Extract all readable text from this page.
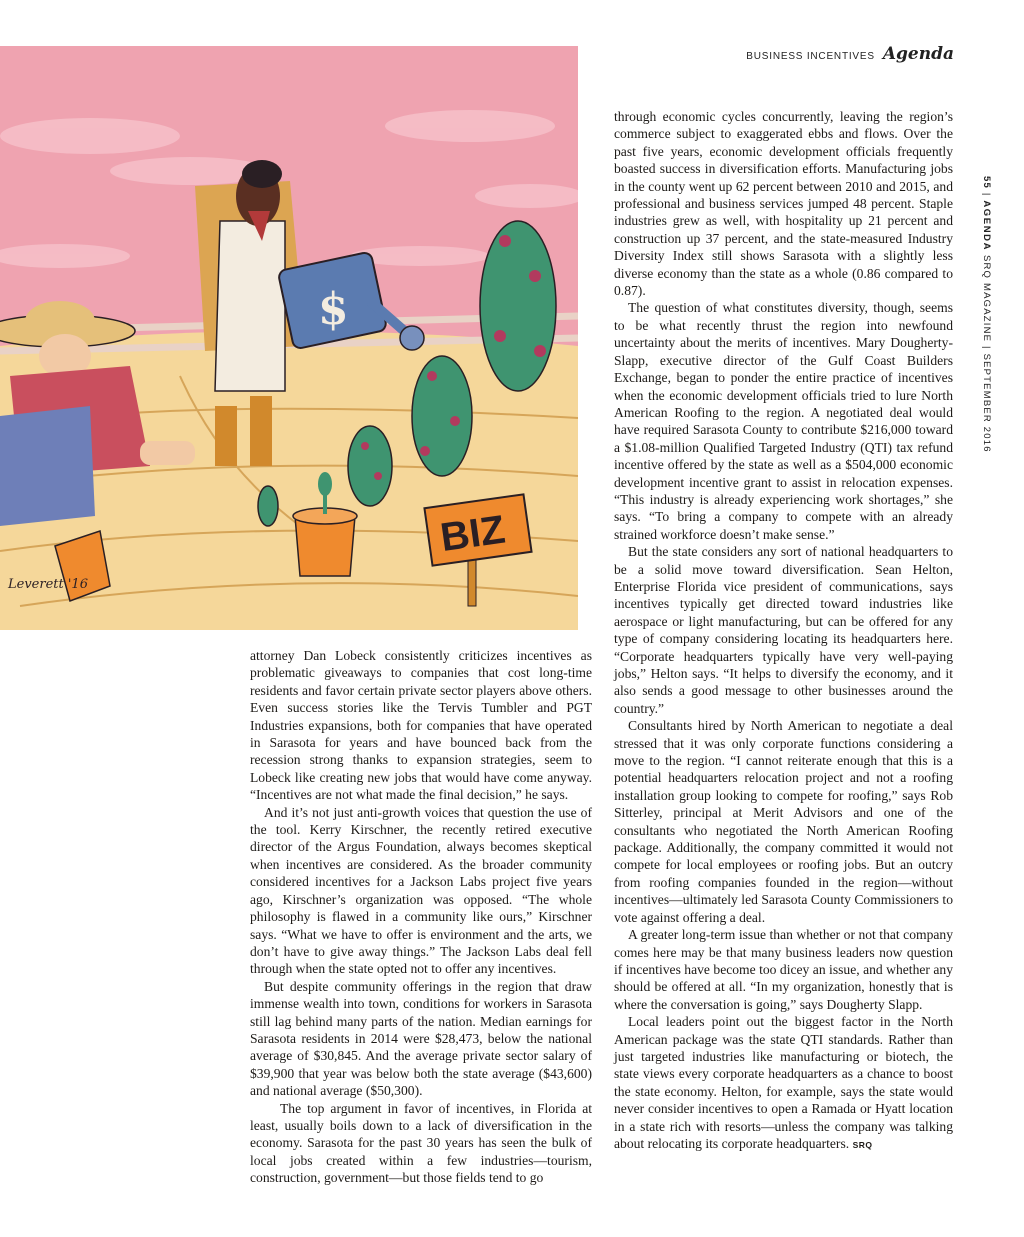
BUSINESS INCENTIVES Agenda
55 | AGENDA SRQ MAGAZINE | SEPTEMBER 2016
$
BIZ
Leverett '16

attorney Dan Lobeck consistently criticizes incentives as problematic giveaways to companies that cost long-time residents and favor certain private sector players above others. Even success stories like the Tervis Tumbler and PGT Industries expansions, both for companies that have operated in Sarasota for years and have bounced back from the recession strong thanks to expansion strategies, seem to Lobeck like creating new jobs that would have come anyway. “Incentives are not what made the final decision,” he says.

And it’s not just anti-growth voices that question the use of the tool. Kerry Kirschner, the recently retired executive director of the Argus Foundation, always becomes skeptical when incentives are considered. As the broader community considered incentives for a Jackson Labs project five years ago, Kirschner’s organization was opposed. “The whole philosophy is flawed in a community like ours,” Kirschner says. “What we have to offer is environment and the arts, we don’t have to give away things.” The Jackson Labs deal fell through when the state opted not to offer any incentives.

But despite community offerings in the region that draw immense wealth into town, conditions for workers in Sarasota still lag behind many parts of the nation. Median earnings for Sarasota residents in 2014 were $28,473, below the national average of $30,845. And the average private sector salary of $39,900 that year was below both the state average ($43,600) and national average ($50,300).

The top argument in favor of incentives, in Florida at least, usually boils down to a lack of diversification in the economy. Sarasota for the past 30 years has seen the bulk of local jobs created within a few industries—tourism, construction, government—but those fields tend to go

through economic cycles concurrently, leaving the region’s commerce subject to exaggerated ebbs and flows. Over the past five years, economic development officials frequently boasted success in diversification efforts. Manufacturing jobs in the county went up 62 percent between 2010 and 2015, and professional and business services jumped 48 percent. Staple industries grew as well, with hospitality up 21 percent and construction up 37 percent, and the state-measured Industry Diversity Index still shows Sarasota with a slightly less diverse economy than the state as a whole (0.86 compared to 0.87).

The question of what constitutes diversity, though, seems to be what recently thrust the region into newfound uncertainty about the merits of incentives. Mary Dougherty-Slapp, executive director of the Gulf Coast Builders Exchange, began to ponder the entire practice of incentives when the economic development officials tried to lure North American Roofing to the region. A negotiated deal would have required Sarasota County to contribute $216,000 toward a $1.08-million Qualified Targeted Industry (QTI) tax refund incentive offered by the state as well as a $504,000 economic development incentive grant to assist in relocation expenses. “This industry is already experiencing work shortages,” she says. “To bring a company to compete with an already strained workforce doesn’t make sense.”

But the state considers any sort of national headquarters to be a solid move toward diversification. Sean Helton, Enterprise Florida vice president of communications, says incentives typically get directed toward industries like aerospace or light manufacturing, but can be offered for any type of company considering locating its headquarters here. “Corporate headquarters typically have very well-paying jobs,” Helton says. “It helps to diversify the economy, and it also sends a good message to other businesses around the country.”

Consultants hired by North American to negotiate a deal stressed that it was only corporate functions considering a move to the region. “I cannot reiterate enough that this is a potential headquarters relocation project and not a roofing installation group looking to compete for roofing,” says Rob Sitterley, principal at Merit Advisors and one of the consultants who negotiated the North American Roofing package. Additionally, the company committed it would not compete for local employees or roofing jobs. But an outcry from roofing companies founded in the region—without incentives—ultimately led Sarasota County Commissioners to vote against offering a deal.

A greater long-term issue than whether or not that company comes here may be that many business leaders now question if incentives have become too dicey an issue, and whether any should be offered at all. “In my organization, honestly that is where the conversation is going,” says Dougherty Slapp.

Local leaders point out the biggest factor in the North American package was the state QTI standards. Rather than just targeted industries like manufacturing or biotech, the state views every corporate headquarters as a chance to boost the state economy. Helton, for example, says the state would never consider incentives to open a Ramada or Hyatt location in a state rich with resorts—unless the company was talking about relocating its corporate headquarters. SRQ
